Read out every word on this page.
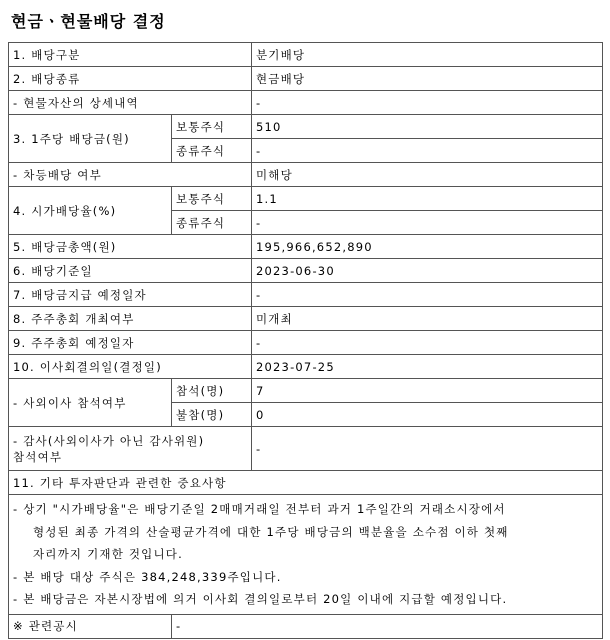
현금ㆍ현물배당 결정
1. 배당구분		분기배당
2. 배당종류		현금배당
- 현물자산의 상세내역		-
3. 1주당 배당금(원)	보통주식	510
	종류주식	-
- 차등배당 여부		미해당
4. 시가배당율(%)	보통주식	1.1
	종류주식	-
5. 배당금총액(원)		195,966,652,890
6. 배당기준일		2023-06-30
7. 배당금지급 예정일자		-
8. 주주총회 개최여부		미개최
9. 주주총회 예정일자		-
10. 이사회결의일(결정일)		2023-07-25
- 사외이사 참석여부	참석(명)	7
	불참(명)	0

- 감사(사외이사가 아닌 감사위원)
참석여부		-
11. 기타 투자판단과 관련한 중요사항		

- 상기 "시가배당율"은 배당기준일 2매매거래일 전부터 과거 1주일간의 거래소시장에서
형성된 최종 가격의 산술평균가격에 대한 1주당 배당금의 백분율을 소수점 이하 첫째
자리까지 기재한 것입니다.
- 본 배당 대상 주식은 384,248,339주입니다.
- 본 배당금은 자본시장법에 의거 이사회 결의일로부터 20일 이내에 지급할 예정입니다.		

※ 관련공시	-	
